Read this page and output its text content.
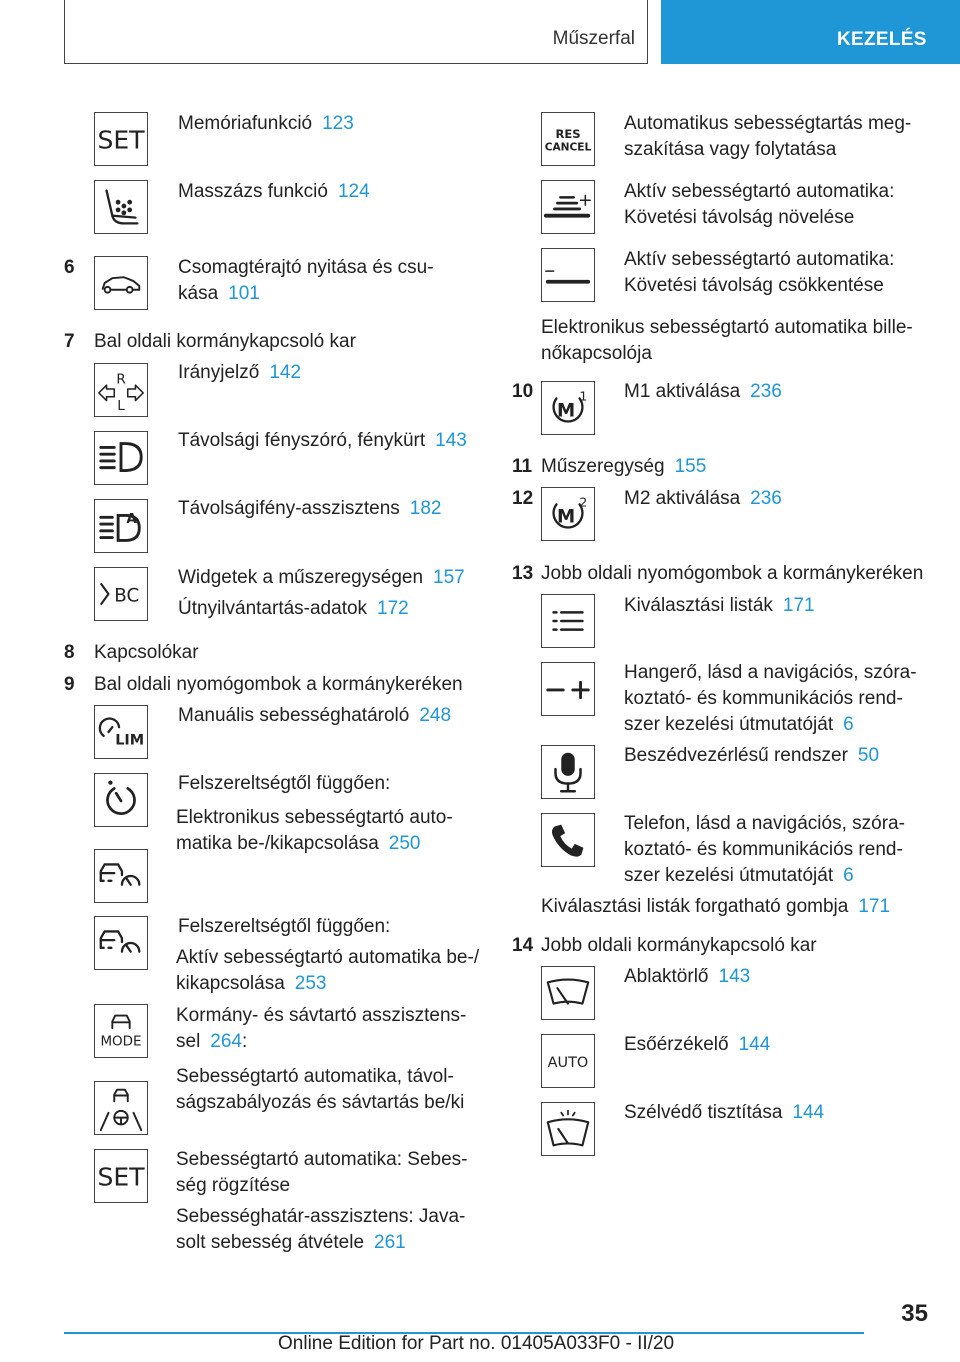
Műszerfal	KEZELÉS
SET
Memóriafunkció 123
Masszázs funkció 124
6	Csomagtérajtó nyitása és csu-
kása 101
7 Bal oldali kormánykapcsoló kar
R
L
Irányjelző 142
Távolsági fényszóró, fénykürt 143
A
Távolságifény-asszisztens 182
BC
Widgetek a műszeregységen 157
Útnyilvántartás-adatok 172
8 Kapcsolókar
9 Bal oldali nyomógombok a kormánykeréken
LIM
Manuális sebességhatároló 248
Felszereltségtől függően:
Elektronikus sebességtartó auto-
matika be-/kikapcsolása 250
Felszereltségtől függően:
Aktív sebességtartó automatika be-/
kikapcsolása 253
MODE
Kormány- és sávtartó asszisztens-
sel 264:
Sebességtartó automatika, távol-
ságszabályozás és sávtartás be/ki
SET
Sebességtartó automatika: Sebes-
ség rögzítése
Sebességhatár-asszisztens: Java-
solt sebesség átvétele 261
RES
CANCEL
Automatikus sebességtartás meg-
szakítása vagy folytatása
Aktív sebességtartó automatika:
Követési távolság növelése
Aktív sebességtartó automatika:
Követési távolság csökkentése
Elektronikus sebességtartó automatika bille-
nőkapcsolója
10
M
1 M1 aktiválása 236
11 Műszeregység 155
12
M
2 M2 aktiválása 236
13 Jobb oldali nyomógombok a kormánykeréken
Kiválasztási listák 171
Hangerő, lásd a navigációs, szóra-
koztató- és kommunikációs rend-
szer kezelési útmutatóját 6
Beszédvezérlésű rendszer 50
Telefon, lásd a navigációs, szóra-
koztató- és kommunikációs rend-
szer kezelési útmutatóját 6
Kiválasztási listák forgatható gombja 171
14 Jobb oldali kormánykapcsoló kar
Ablaktörlő 143
AUTO
Esőérzékelő 144
Szélvédő tisztítása 144
35
Online Edition for Part no. 01405A033F0 - II/20
